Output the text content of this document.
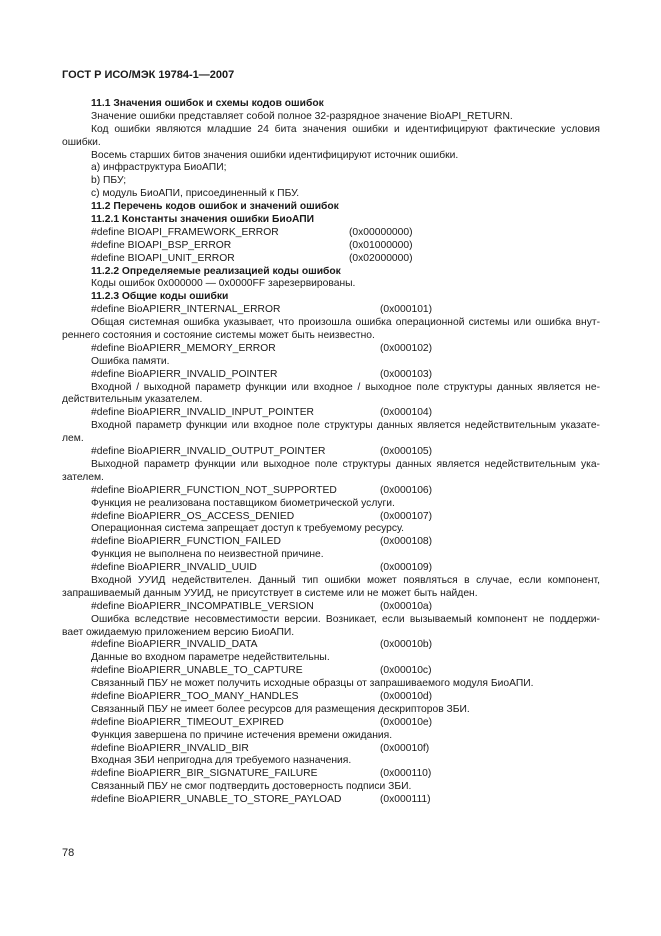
ГОСТ Р ИСО/МЭК 19784-1—2007
11.1 Значения ошибок и схемы кодов ошибок
Значение ошибки представляет собой полное 32-разрядное значение BioAPI_RETURN.
Код ошибки являются младшие 24 бита значения ошибки и идентифицируют фактические условия
ошибки.
Восемь старших битов значения ошибки идентифицируют источник ошибки.
а) инфраструктура БиоАПИ;
b) ПБУ;
с) модуль БиоАПИ, присоединенный к ПБУ.
11.2 Перечень кодов ошибок и значений ошибок
11.2.1 Константы значения ошибки БиоАПИ
#define BIOAPI_FRAMEWORK_ERROR	(0x00000000)
#define BIOAPI_BSP_ERROR	(0x01000000)
#define BIOAPI_UNIT_ERROR	(0x02000000)
11.2.2 Определяемые реализацией коды ошибок
Коды ошибок 0x000000 — 0x0000FF зарезервированы.
11.2.3 Общие коды ошибки
#define BioAPIERR_INTERNAL_ERROR	(0x000101)
Общая системная ошибка указывает, что произошла ошибка операционной системы или ошибка внут-
реннего состояния и состояние системы может быть неизвестно.
#define BioAPIERR_MEMORY_ERROR	(0x000102)
Ошибка памяти.
#define BioAPIERR_INVALID_POINTER	(0x000103)
Входной / выходной параметр функции или входное / выходное поле структуры данных является не-
действительным указателем.
#define BioAPIERR_INVALID_INPUT_POINTER	(0x000104)
Входной параметр функции или входное поле структуры данных является недействительным указате-
лем.
#define BioAPIERR_INVALID_OUTPUT_POINTER	(0x000105)
Выходной параметр функции или выходное поле структуры данных является недействительным ука-
зателем.
#define BioAPIERR_FUNCTION_NOT_SUPPORTED	(0x000106)
Функция не реализована поставщиком биометрической услуги.
#define BioAPIERR_OS_ACCESS_DENIED	(0x000107)
Операционная система запрещает доступ к требуемому ресурсу.
#define BioAPIERR_FUNCTION_FAILED	(0x000108)
Функция не выполнена по неизвестной причине.
#define BioAPIERR_INVALID_UUID	(0x000109)
Входной УУИД недействителен. Данный тип ошибки может появляться в случае, если компонент,
запрашиваемый данным УУИД, не присутствует в системе или не может быть найден.
#define BioAPIERR_INCOMPATIBLE_VERSION	(0x00010a)
Ошибка вследствие несовместимости версии. Возникает, если вызываемый компонент не поддержи-
вает ожидаемую приложением версию БиоАПИ.
#define BioAPIERR_INVALID_DATA	(0x00010b)
Данные во входном параметре недействительны.
#define BioAPIERR_UNABLE_TO_CAPTURE	(0x00010c)
Связанный ПБУ не может получить исходные образцы от запрашиваемого модуля БиоАПИ.
#define BioAPIERR_TOO_MANY_HANDLES	(0x00010d)
Связанный ПБУ не имеет более ресурсов для размещения дескрипторов ЗБИ.
#define BioAPIERR_TIMEOUT_EXPIRED	(0x00010e)
Функция завершена по причине истечения времени ожидания.
#define BioAPIERR_INVALID_BIR	(0x00010f)
Входная ЗБИ непригодна для требуемого назначения.
#define BioAPIERR_BIR_SIGNATURE_FAILURE	(0x000110)
Связанный ПБУ не смог подтвердить достоверность подписи ЗБИ.
#define BioAPIERR_UNABLE_TO_STORE_PAYLOAD	(0x000111)
78
